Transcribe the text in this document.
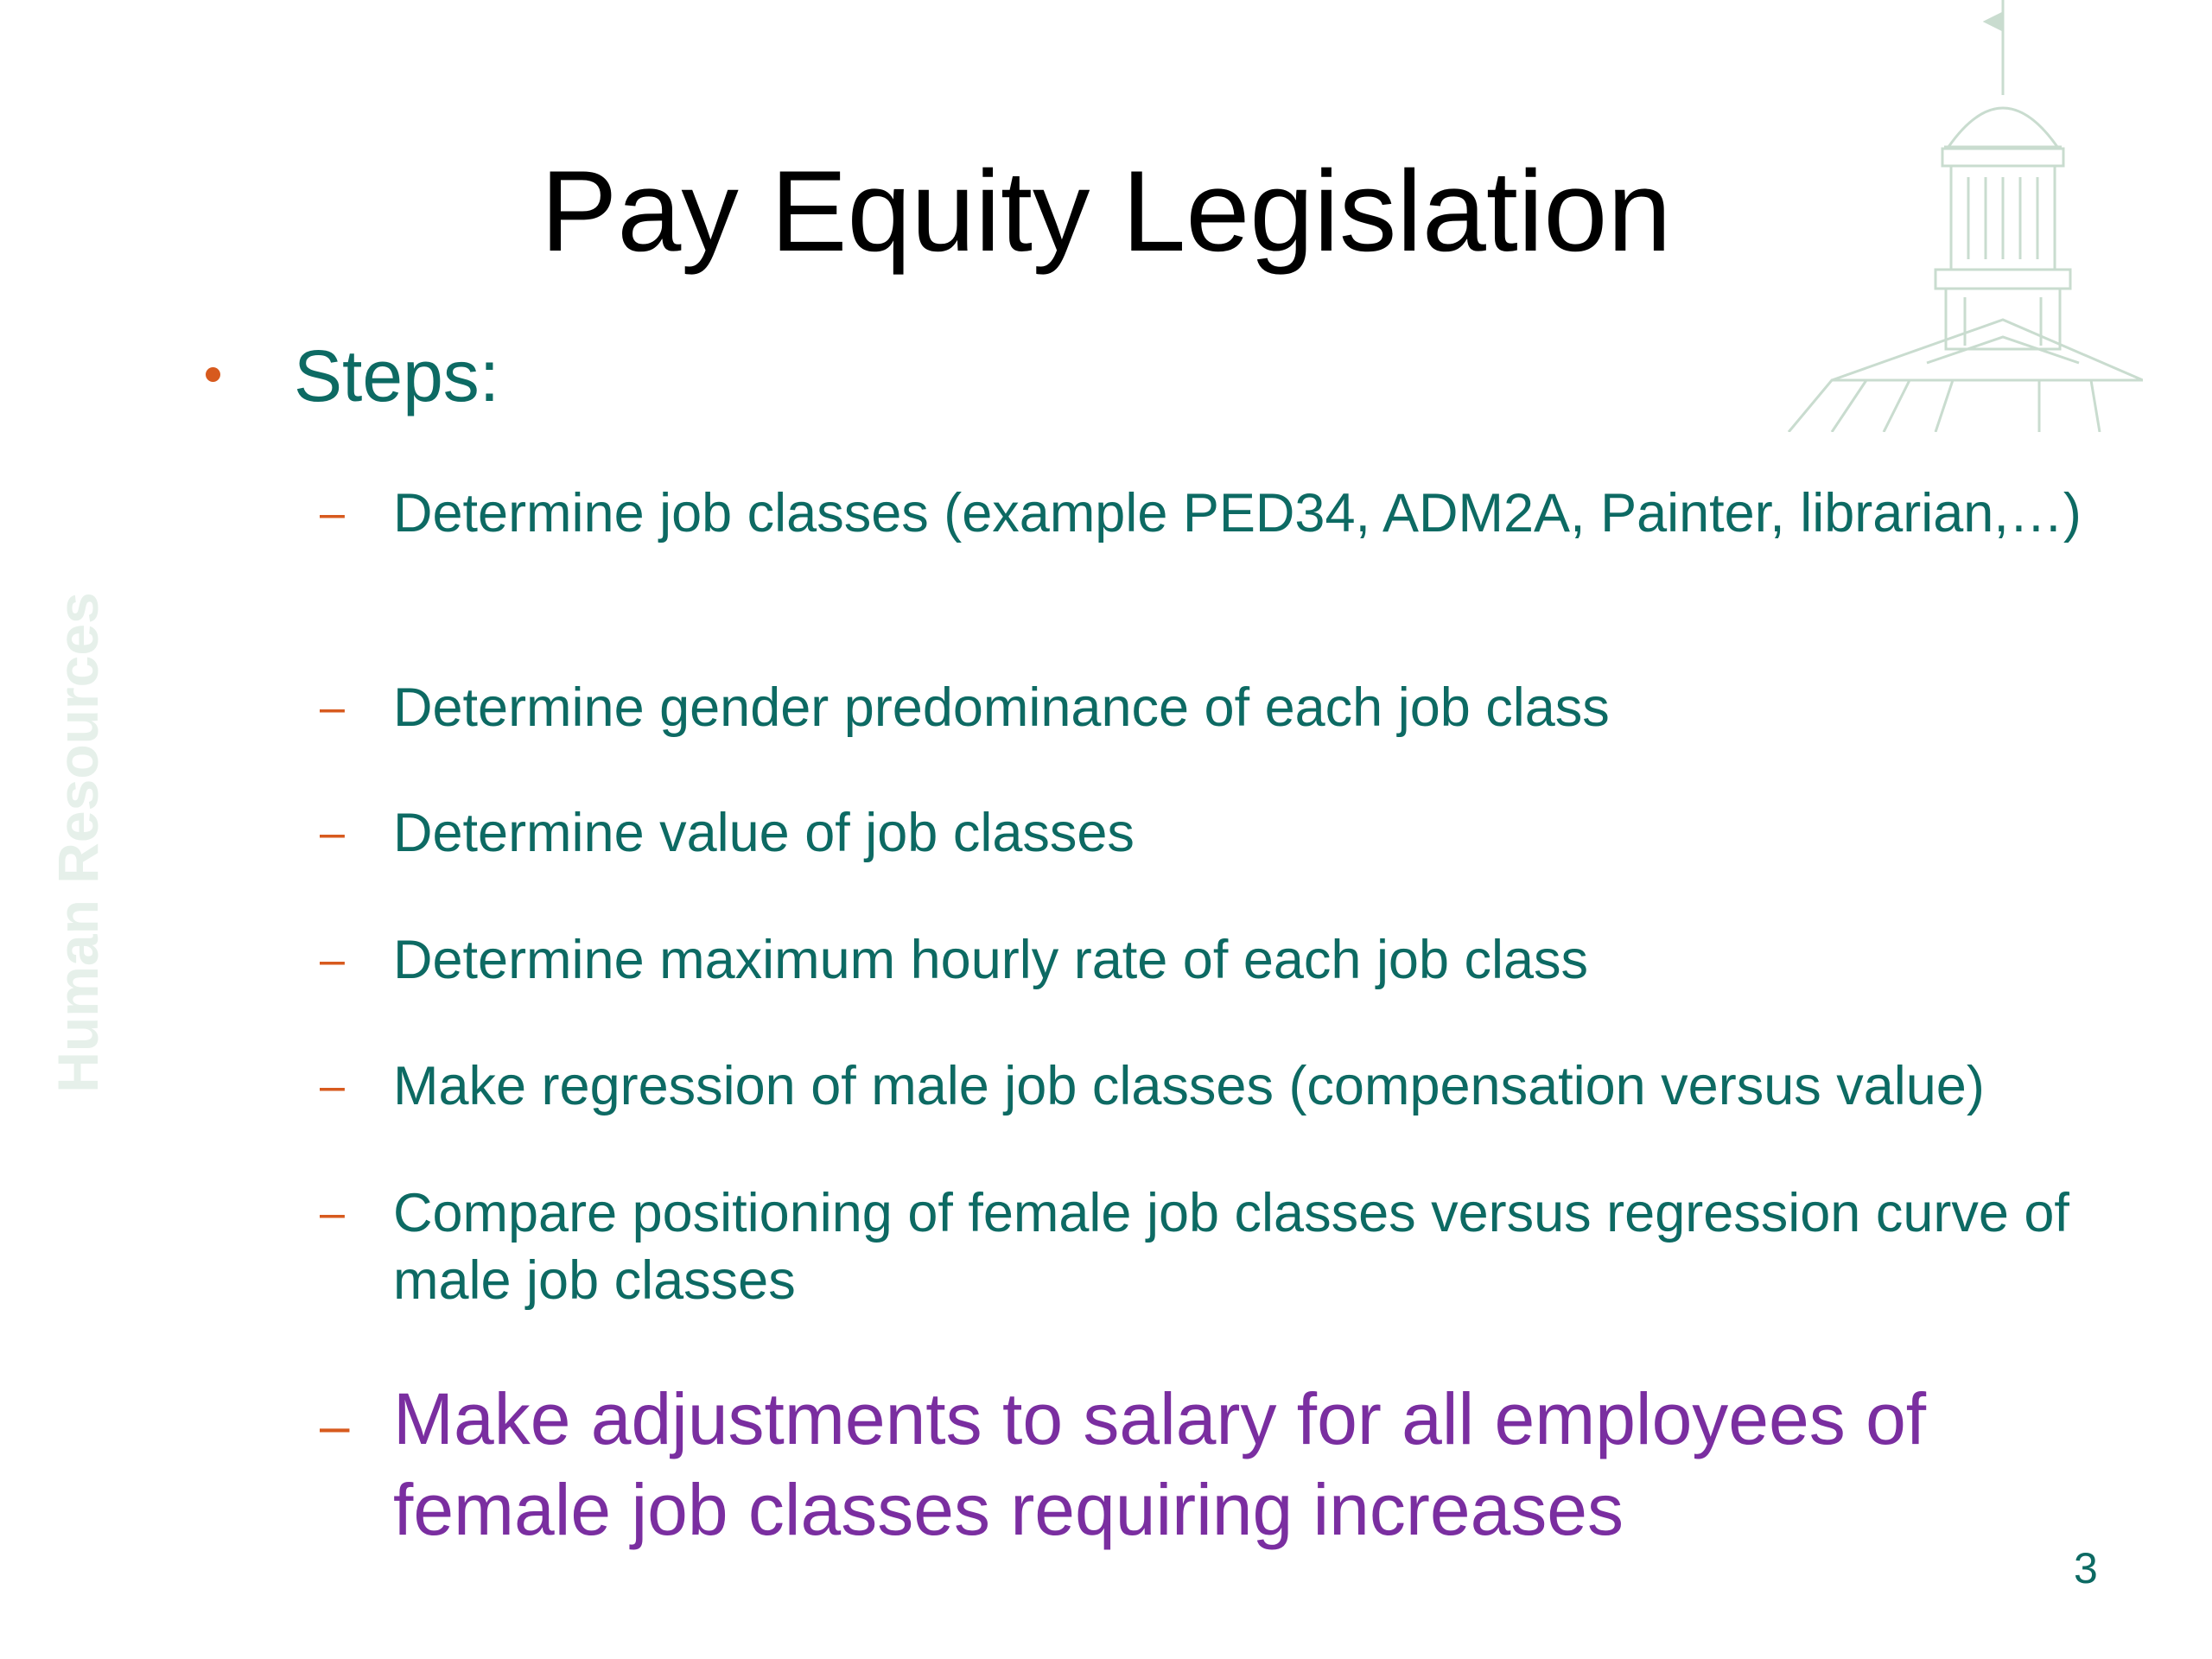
Human Resources
Pay Equity Legislation
Steps:
– Determine job classes (example PED34, ADM2A, Painter, librarian,…)
– Determine gender predominance of each job class
– Determine value of job classes
– Determine maximum hourly rate of each job class
– Make regression of male job classes (compensation versus value)
– Compare positioning of female job classes versus regression curve of male job classes
– Make adjustments to salary for all employees of female job classes requiring increases
3
